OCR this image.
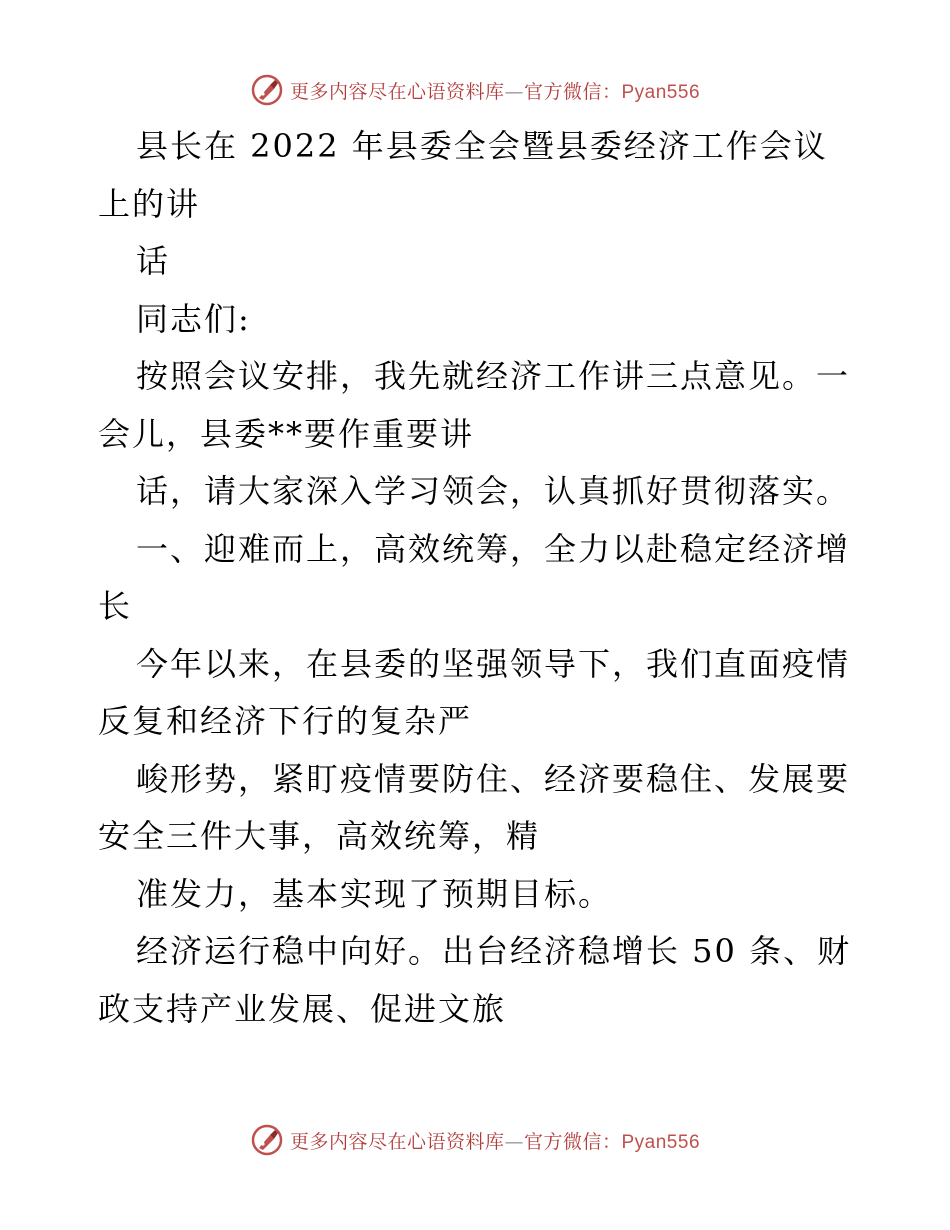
更多内容尽在心语资料库—官方微信：Pyan556

县长在 2022 年县委全会暨县委经济工作会议上的讲

话

同志们:

按照会议安排，我先就经济工作讲三点意见。一会儿，县委**要作重要讲

话，请大家深入学习领会，认真抓好贯彻落实。

一、迎难而上，高效统筹，全力以赴稳定经济增长

今年以来，在县委的坚强领导下，我们直面疫情反复和经济下行的复杂严

峻形势，紧盯疫情要防住、经济要稳住、发展要安全三件大事，高效统筹，精

准发力，基本实现了预期目标。

经济运行稳中向好。出台经济稳增长 50 条、财政支持产业发展、促进文旅

更多内容尽在心语资料库—官方微信：Pyan556
